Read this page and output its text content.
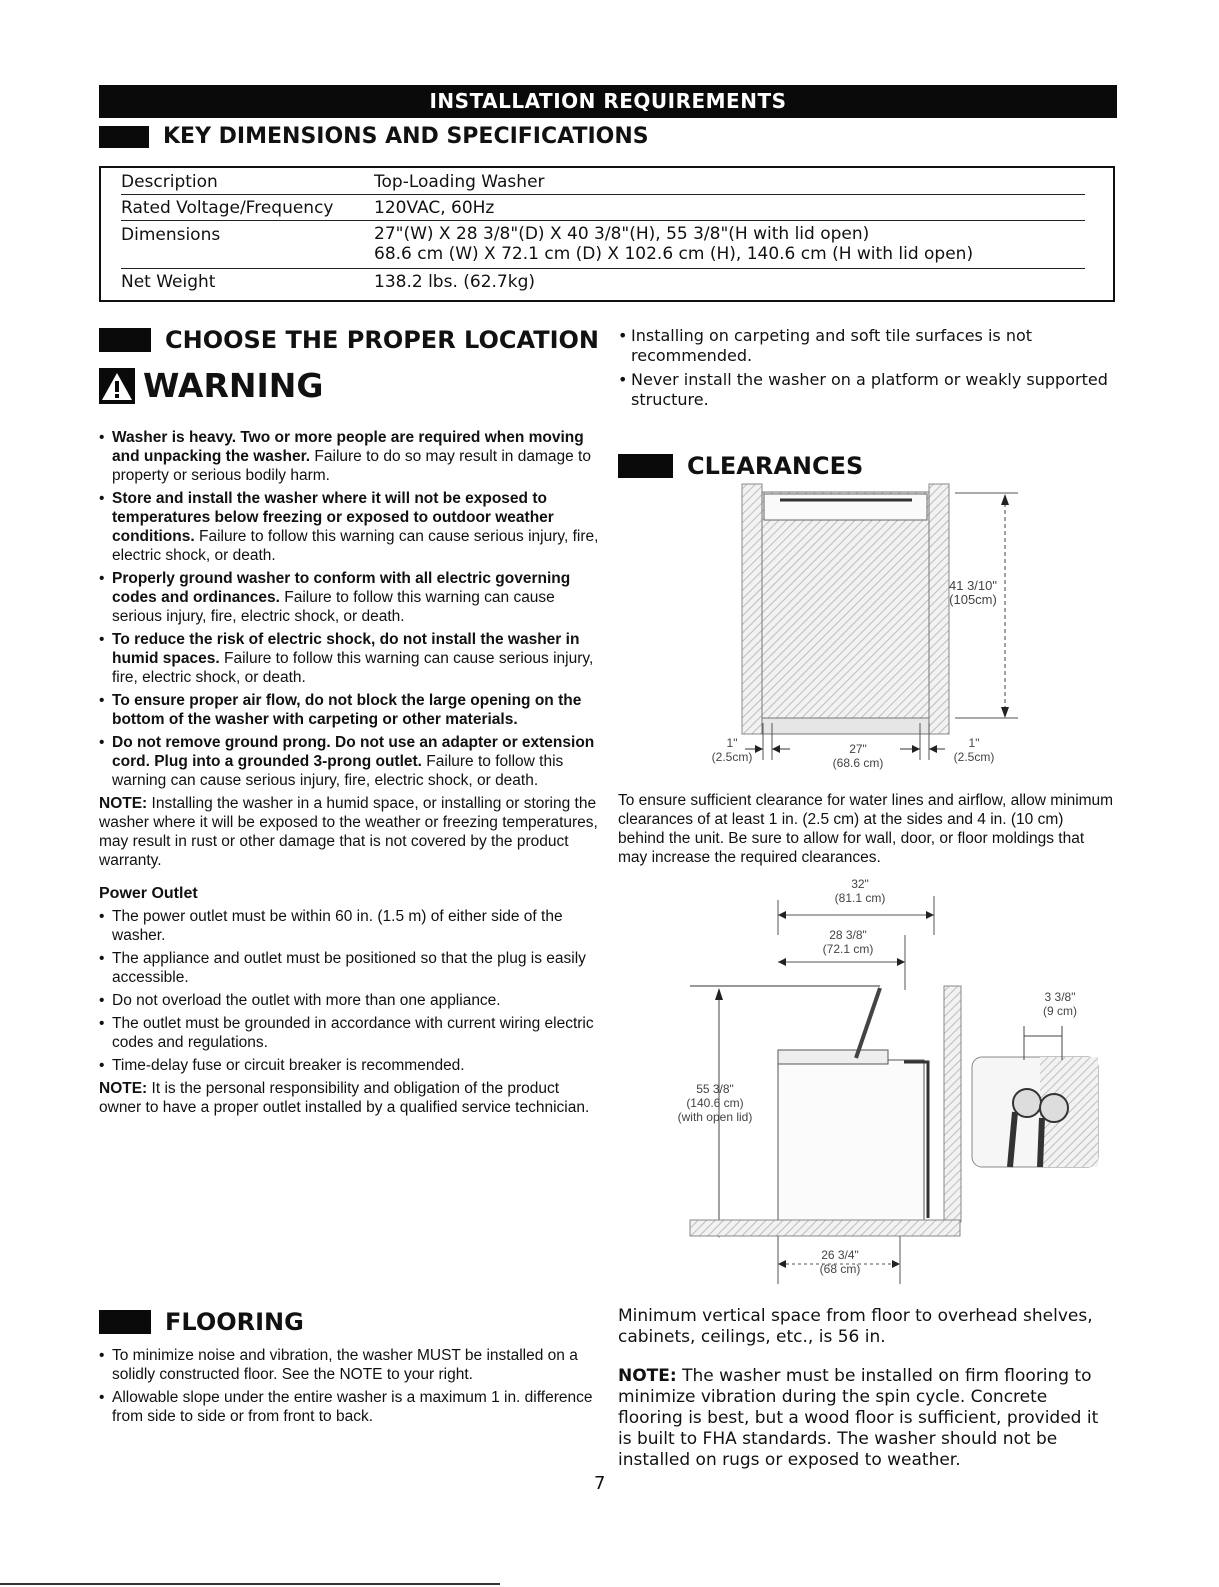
INSTALLATION REQUIREMENTS
KEY DIMENSIONS AND SPECIFICATIONS
Description	Top-Loading Washer
Rated Voltage/Frequency 120VAC, 60Hz
Dimensions	27"(W) X 28 3/8"(D) X 40 3/8"(H), 55 3/8"(H with lid open)
68.6 cm (W) X 72.1 cm (D) X 102.6 cm (H), 140.6 cm (H with lid open)
Net Weight	138.2 lbs. (62.7kg)
CHOOSE THE PROPER LOCATION
WARNING
• Washer is heavy. Two or more people are required when moving and unpacking the washer. Failure to do so may result in damage to property or serious bodily harm.
• Store and install the washer where it will not be exposed to temperatures below freezing or exposed to outdoor weather conditions. Failure to follow this warning can cause serious injury, fire, electric shock, or death.
• Properly ground washer to conform with all electric governing codes and ordinances. Failure to follow this warning can cause serious injury, fire, electric shock, or death.
• To reduce the risk of electric shock, do not install the washer in humid spaces. Failure to follow this warning can cause serious injury, fire, electric shock, or death.
• To ensure proper air flow, do not block the large opening on the bottom of the washer with carpeting or other materials.
• Do not remove ground prong. Do not use an adapter or extension cord. Plug into a grounded 3-prong outlet. Failure to follow this warning can cause serious injury, fire, electric shock, or death.
NOTE: Installing the washer in a humid space, or installing or storing the washer where it will be exposed to the weather or freezing temperatures, may result in rust or other damage that is not covered by the product warranty.
Power Outlet
• The power outlet must be within 60 in. (1.5 m) of either side of the washer.
• The appliance and outlet must be positioned so that the plug is easily accessible.
• Do not overload the outlet with more than one appliance.
• The outlet must be grounded in accordance with current wiring electric codes and regulations.
• Time-delay fuse or circuit breaker is recommended.
NOTE: It is the personal responsibility and obligation of the product owner to have a proper outlet installed by a qualified service technician.
FLOORING
• To minimize noise and vibration, the washer MUST be installed on a solidly constructed floor. See the NOTE to your right.
• Allowable slope under the entire washer is a maximum 1 in. difference from side to side or from front to back.
• Installing on carpeting and soft tile surfaces is not recommended.
• Never install the washer on a platform or weakly supported structure.
CLEARANCES
41 3/10"
(105cm)
1"
(2.5cm)
27"
(68.6 cm)
1"
(2.5cm)
To ensure sufficient clearance for water lines and airflow, allow minimum clearances of at least 1 in. (2.5 cm) at the sides and 4 in. (10 cm) behind the unit. Be sure to allow for wall, door, or floor moldings that may increase the required clearances.
32"
(81.1 cm)
28 3/8"
(72.1 cm)
3 3/8"
(9 cm)
55 3/8"
(140.6 cm)
(with open lid)
26 3/4"
(68 cm)
Minimum vertical space from floor to overhead shelves, cabinets, ceilings, etc., is 56 in.
NOTE: The washer must be installed on firm flooring to minimize vibration during the spin cycle. Concrete flooring is best, but a wood floor is sufficient, provided it is built to FHA standards. The washer should not be installed on rugs or exposed to weather.
7
